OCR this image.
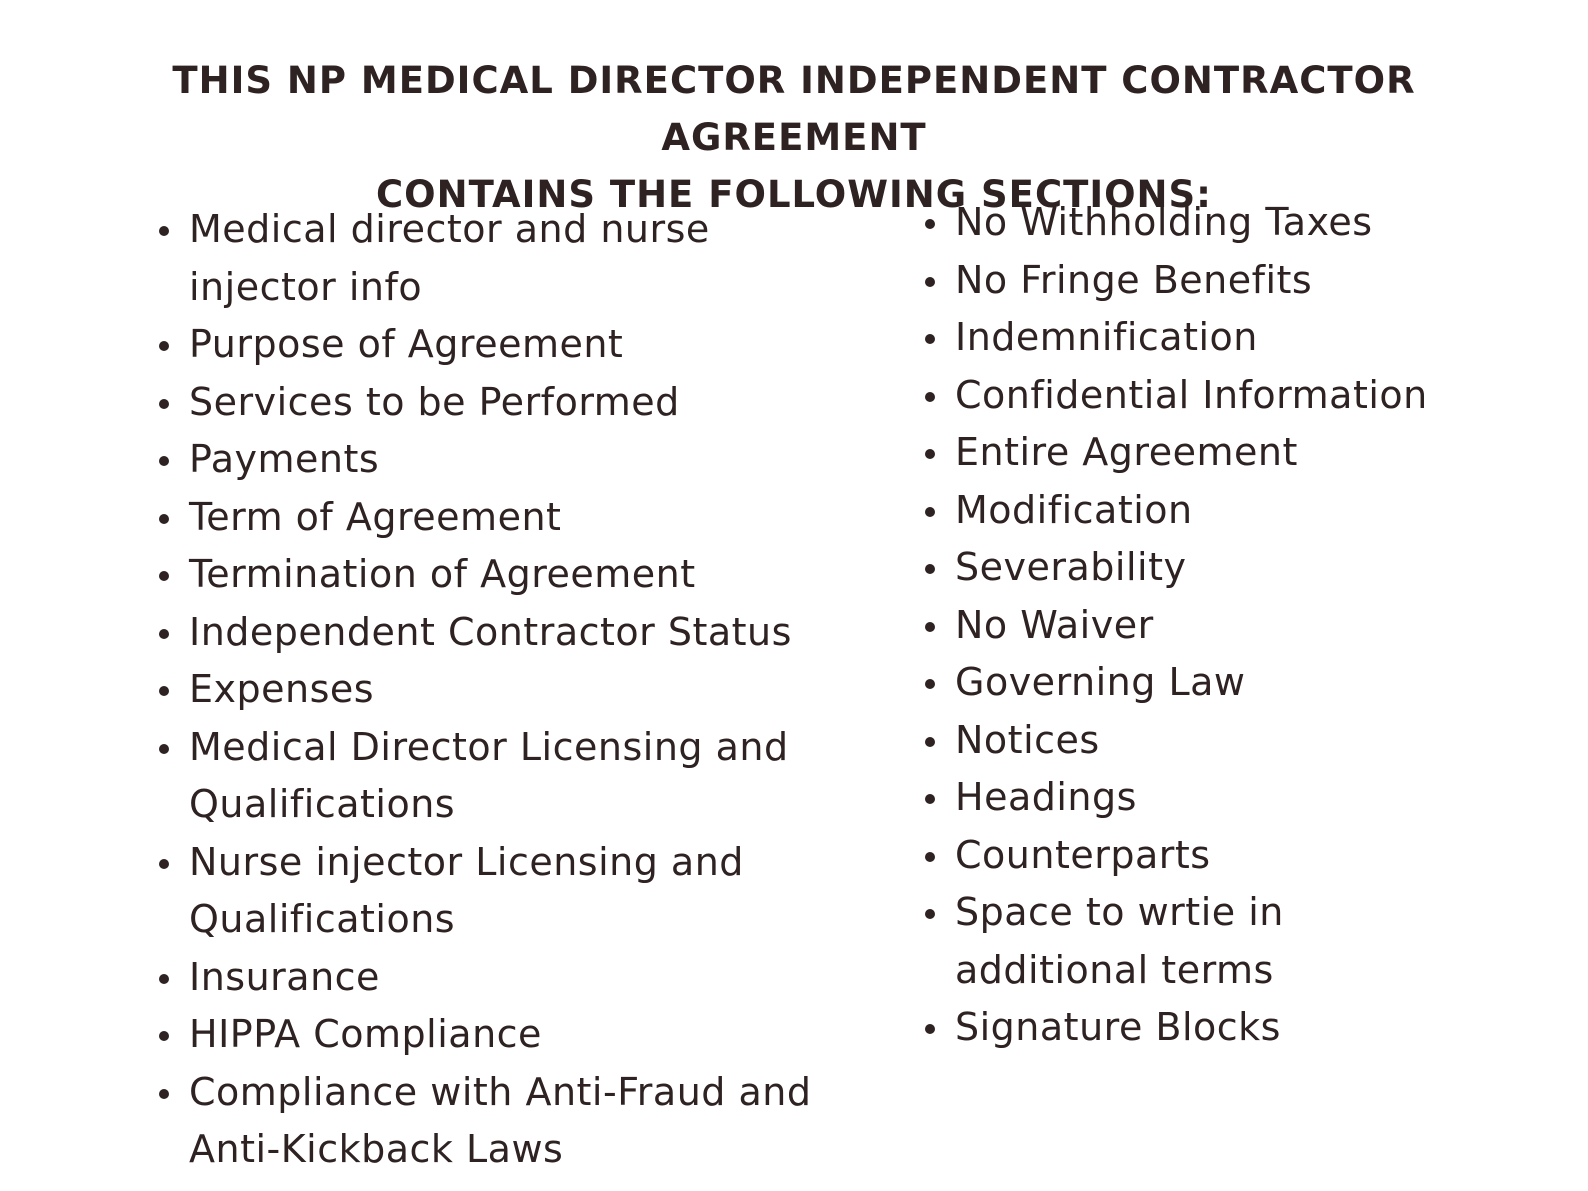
THIS NP MEDICAL DIRECTOR INDEPENDENT CONTRACTOR AGREEMENT
CONTAINS THE FOLLOWING SECTIONS:
Medical director and nurse injector info
Purpose of Agreement
Services to be Performed
Payments
Term of Agreement
Termination of Agreement
Independent Contractor Status
Expenses
Medical Director Licensing and Qualifications
Nurse injector Licensing and Qualifications
Insurance
HIPPA Compliance
Compliance with Anti-Fraud and Anti-Kickback Laws
No Withholding Taxes
No Fringe Benefits
Indemnification
Confidential Information
Entire Agreement
Modification
Severability
No Waiver
Governing Law
Notices
Headings
Counterparts
Space to wrtie in additional terms
Signature Blocks
